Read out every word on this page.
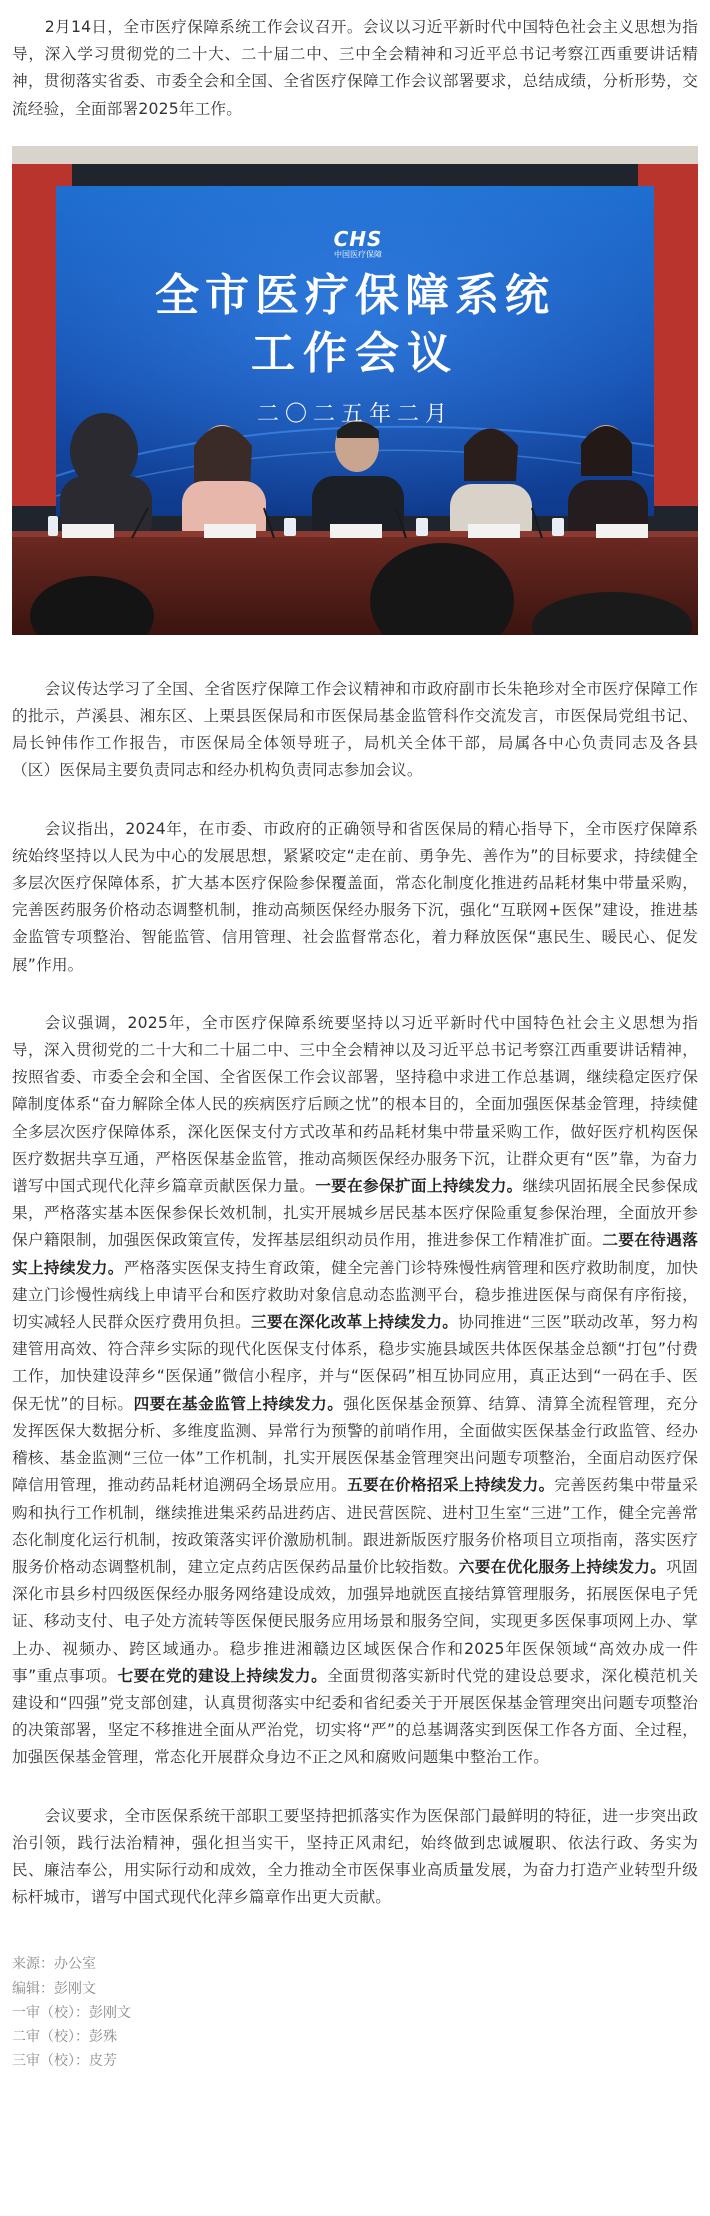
2月14日，全市医疗保障系统工作会议召开。会议以习近平新时代中国特色社会主义思想为指导，深入学习贯彻党的二十大、二十届二中、三中全会精神和习近平总书记考察江西重要讲话精神，贯彻落实省委、市委全会和全国、全省医疗保障工作会议部署要求，总结成绩，分析形势，交流经验，全面部署2025年工作。

CHS
中国医疗保障
全市医疗保障系统
工作会议
二〇二五年二月

会议传达学习了全国、全省医疗保障工作会议精神和市政府副市长朱艳珍对全市医疗保障工作的批示，芦溪县、湘东区、上栗县医保局和市医保局基金监管科作交流发言，市医保局党组书记、局长钟伟作工作报告，市医保局全体领导班子，局机关全体干部，局属各中心负责同志及各县（区）医保局主要负责同志和经办机构负责同志参加会议。

会议指出，2024年，在市委、市政府的正确领导和省医保局的精心指导下，全市医疗保障系统始终坚持以人民为中心的发展思想，紧紧咬定“走在前、勇争先、善作为”的目标要求，持续健全多层次医疗保障体系，扩大基本医疗保险参保覆盖面，常态化制度化推进药品耗材集中带量采购，完善医药服务价格动态调整机制，推动高频医保经办服务下沉，强化“互联网+医保”建设，推进基金监管专项整治、智能监管、信用管理、社会监督常态化，着力释放医保“惠民生、暖民心、促发展”作用。

会议强调，2025年，全市医疗保障系统要坚持以习近平新时代中国特色社会主义思想为指导，深入贯彻党的二十大和二十届二中、三中全会精神以及习近平总书记考察江西重要讲话精神，按照省委、市委全会和全国、全省医保工作会议部署，坚持稳中求进工作总基调，继续稳定医疗保障制度体系“奋力解除全体人民的疾病医疗后顾之忧”的根本目的，全面加强医保基金管理，持续健全多层次医疗保障体系，深化医保支付方式改革和药品耗材集中带量采购工作，做好医疗机构医保医疗数据共享互通，严格医保基金监管，推动高频医保经办服务下沉，让群众更有“医”靠，为奋力谱写中国式现代化萍乡篇章贡献医保力量。一要在参保扩面上持续发力。继续巩固拓展全民参保成果，严格落实基本医保参保长效机制，扎实开展城乡居民基本医疗保险重复参保治理，全面放开参保户籍限制，加强医保政策宣传，发挥基层组织动员作用，推进参保工作精准扩面。二要在待遇落实上持续发力。严格落实医保支持生育政策，健全完善门诊特殊慢性病管理和医疗救助制度，加快建立门诊慢性病线上申请平台和医疗救助对象信息动态监测平台，稳步推进医保与商保有序衔接，切实减轻人民群众医疗费用负担。三要在深化改革上持续发力。协同推进“三医”联动改革，努力构建管用高效、符合萍乡实际的现代化医保支付体系，稳步实施县域医共体医保基金总额“打包”付费工作，加快建设萍乡“医保通”微信小程序，并与“医保码”相互协同应用，真正达到“一码在手、医保无忧”的目标。四要在基金监管上持续发力。强化医保基金预算、结算、清算全流程管理，充分发挥医保大数据分析、多维度监测、异常行为预警的前哨作用，全面做实医保基金行政监管、经办稽核、基金监测“三位一体”工作机制，扎实开展医保基金管理突出问题专项整治，全面启动医疗保障信用管理，推动药品耗材追溯码全场景应用。五要在价格招采上持续发力。完善医药集中带量采购和执行工作机制，继续推进集采药品进药店、进民营医院、进村卫生室“三进”工作，健全完善常态化制度化运行机制，按政策落实评价激励机制。跟进新版医疗服务价格项目立项指南，落实医疗服务价格动态调整机制，建立定点药店医保药品量价比较指数。六要在优化服务上持续发力。巩固深化市县乡村四级医保经办服务网络建设成效，加强异地就医直接结算管理服务，拓展医保电子凭证、移动支付、电子处方流转等医保便民服务应用场景和服务空间，实现更多医保事项网上办、掌上办、视频办、跨区域通办。稳步推进湘赣边区域医保合作和2025年医保领域“高效办成一件事”重点事项。七要在党的建设上持续发力。全面贯彻落实新时代党的建设总要求，深化模范机关建设和“四强”党支部创建，认真贯彻落实中纪委和省纪委关于开展医保基金管理突出问题专项整治的决策部署，坚定不移推进全面从严治党，切实将“严”的总基调落实到医保工作各方面、全过程，加强医保基金管理，常态化开展群众身边不正之风和腐败问题集中整治工作。

会议要求，全市医保系统干部职工要坚持把抓落实作为医保部门最鲜明的特征，进一步突出政治引领，践行法治精神，强化担当实干，坚持正风肃纪，始终做到忠诚履职、依法行政、务实为民、廉洁奉公，用实际行动和成效，全力推动全市医保事业高质量发展，为奋力打造产业转型升级标杆城市，谱写中国式现代化萍乡篇章作出更大贡献。

来源：办公室
编辑：彭刚文
一审（校）：彭刚文
二审（校）：彭殊
三审（校）：皮芳
